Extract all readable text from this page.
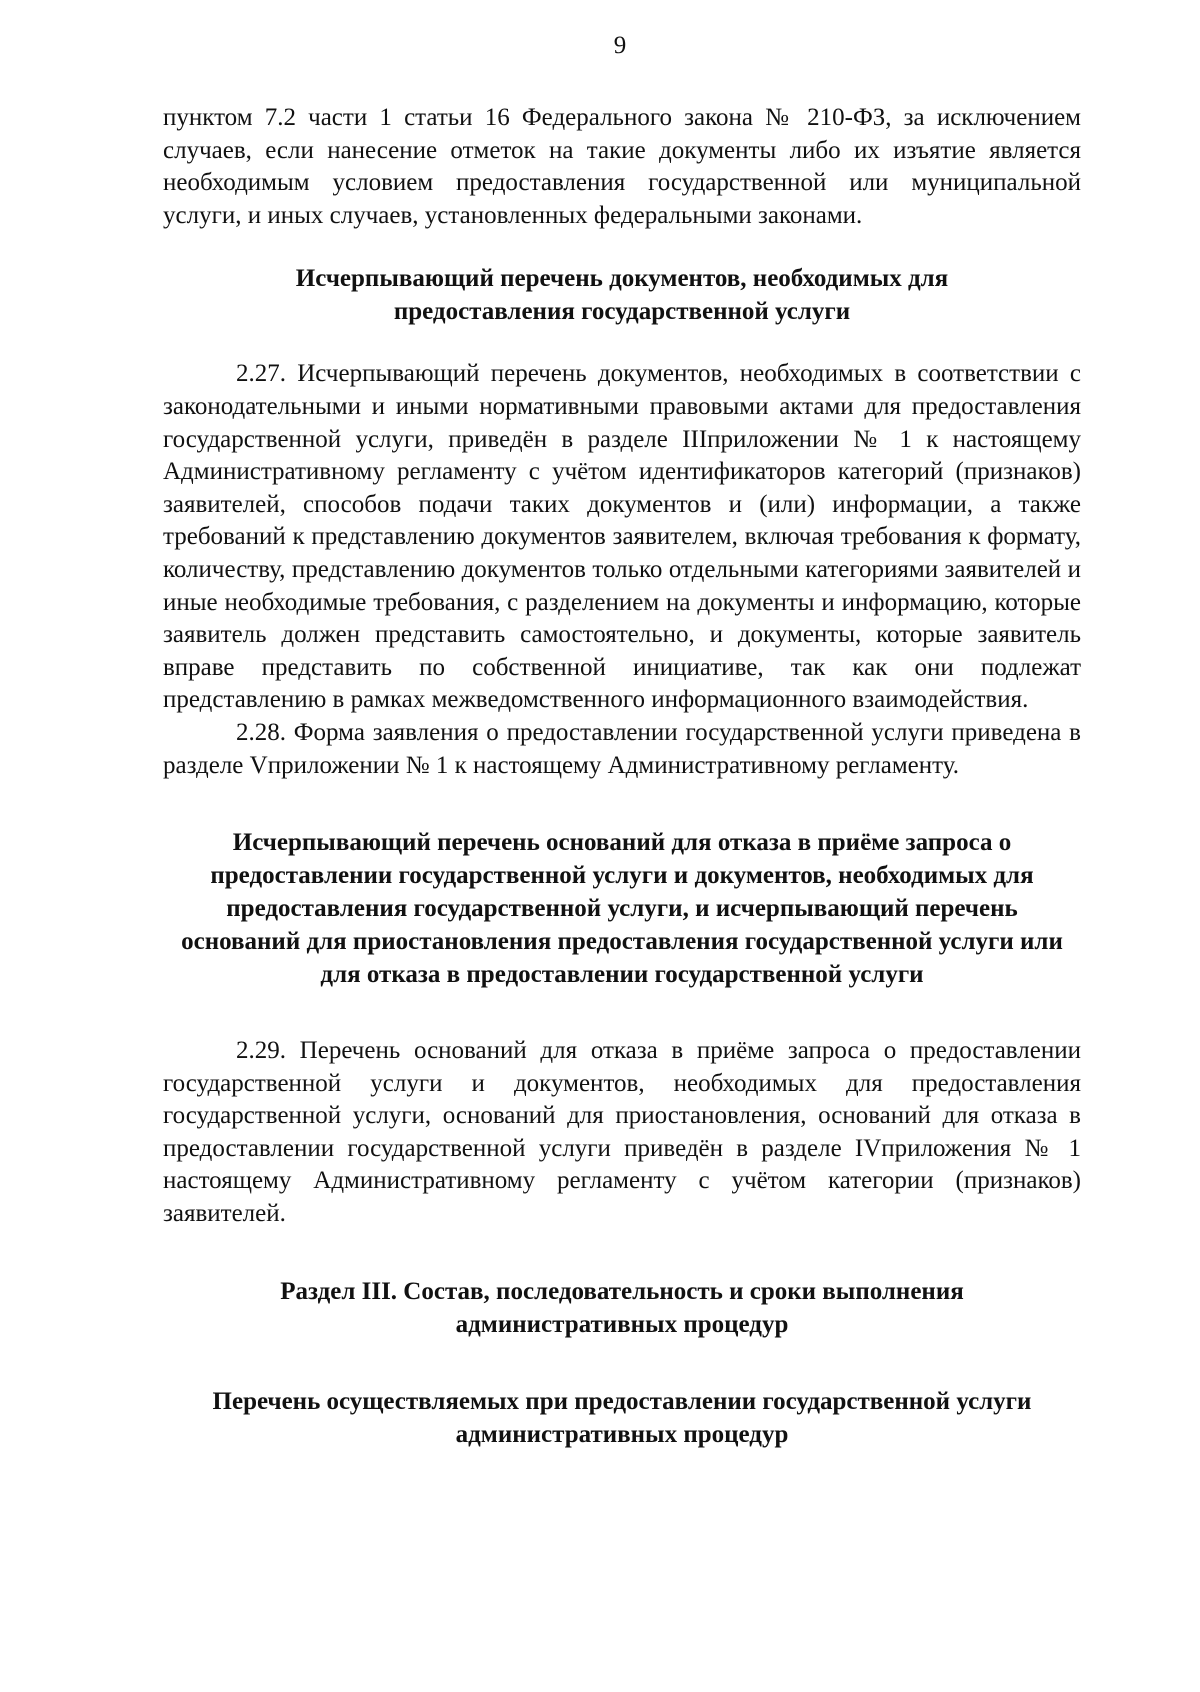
9

пунктом 7.2 части 1 статьи 16 Федерального закона № 210-ФЗ, за исключением случаев, если нанесение отметок на такие документы либо их изъятие является необходимым условием предоставления государственной или муниципальной услуги, и иных случаев, установленных федеральными законами.

Исчерпывающий перечень документов, необходимых для предоставления государственной услуги

2.27. Исчерпывающий перечень документов, необходимых в соответствии с законодательными и иными нормативными правовыми актами для предоставления государственной услуги, приведён в разделе IIIприложении № 1 к настоящему Административному регламенту с учётом идентификаторов категорий (признаков) заявителей, способов подачи таких документов и (или) информации, а также требований к представлению документов заявителем, включая требования к формату, количеству, представлению документов только отдельными категориями заявителей и иные необходимые требования, с разделением на документы и информацию, которые заявитель должен представить самостоятельно, и документы, которые заявитель вправе представить по собственной инициативе, так как они подлежат представлению в рамках межведомственного информационного взаимодействия.

2.28. Форма заявления о предоставлении государственной услуги приведена в разделе Vприложении № 1 к настоящему Административному регламенту.

Исчерпывающий перечень оснований для отказа в приёме запроса о предоставлении государственной услуги и документов, необходимых для предоставления государственной услуги, и исчерпывающий перечень оснований для приостановления предоставления государственной услуги или для отказа в предоставлении государственной услуги

2.29. Перечень оснований для отказа в приёме запроса о предоставлении государственной услуги и документов, необходимых для предоставления государственной услуги, оснований для приостановления, оснований для отказа в предоставлении государственной услуги приведён в разделе IVприложения № 1 настоящему Административному регламенту с учётом категории (признаков) заявителей.

Раздел III. Состав, последовательность и сроки выполнения административных процедур
Перечень осуществляемых при предоставлении государственной услуги административных процедур
